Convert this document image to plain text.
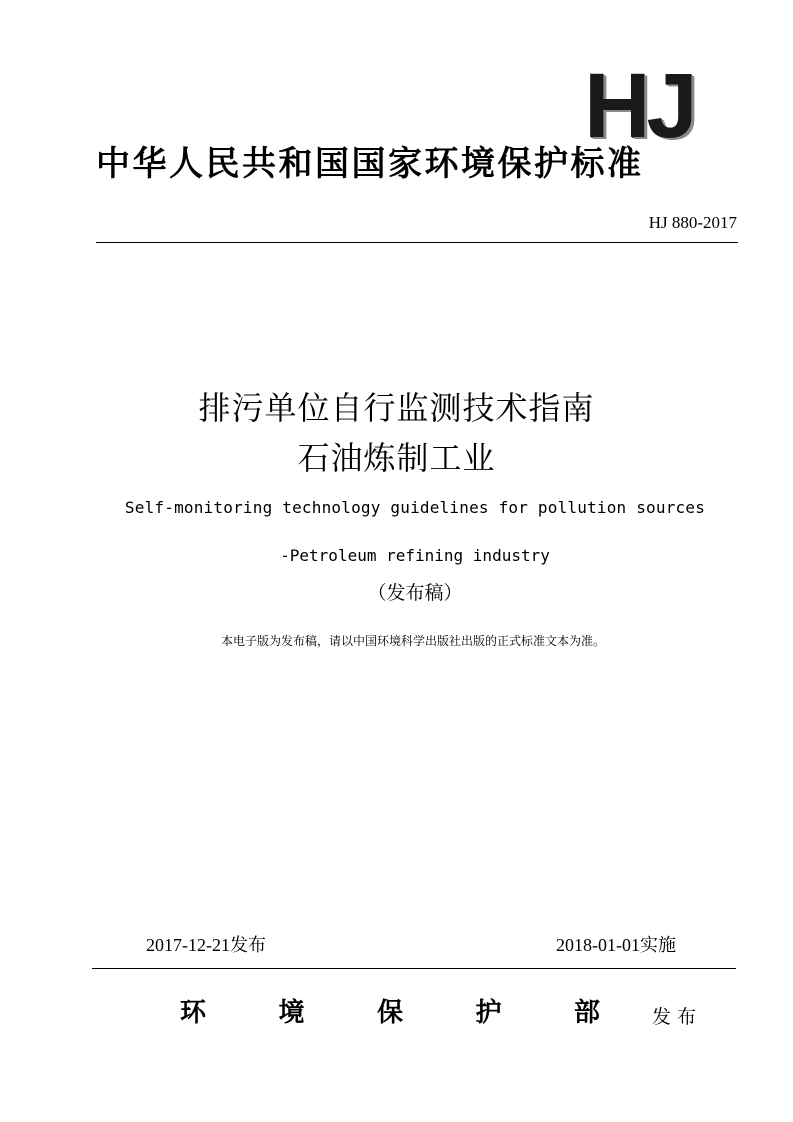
HJ
中华人民共和国国家环境保护标准
HJ 880-2017
排污单位自行监测技术指南
石油炼制工业
Self-monitoring technology guidelines for pollution sources
-Petroleum refining industry
（发布稿）
本电子版为发布稿，请以中国环境科学出版社出版的正式标准文本为准。
2017-12-21发布	2018-01-01实施
环	境	保	护	部	发布
